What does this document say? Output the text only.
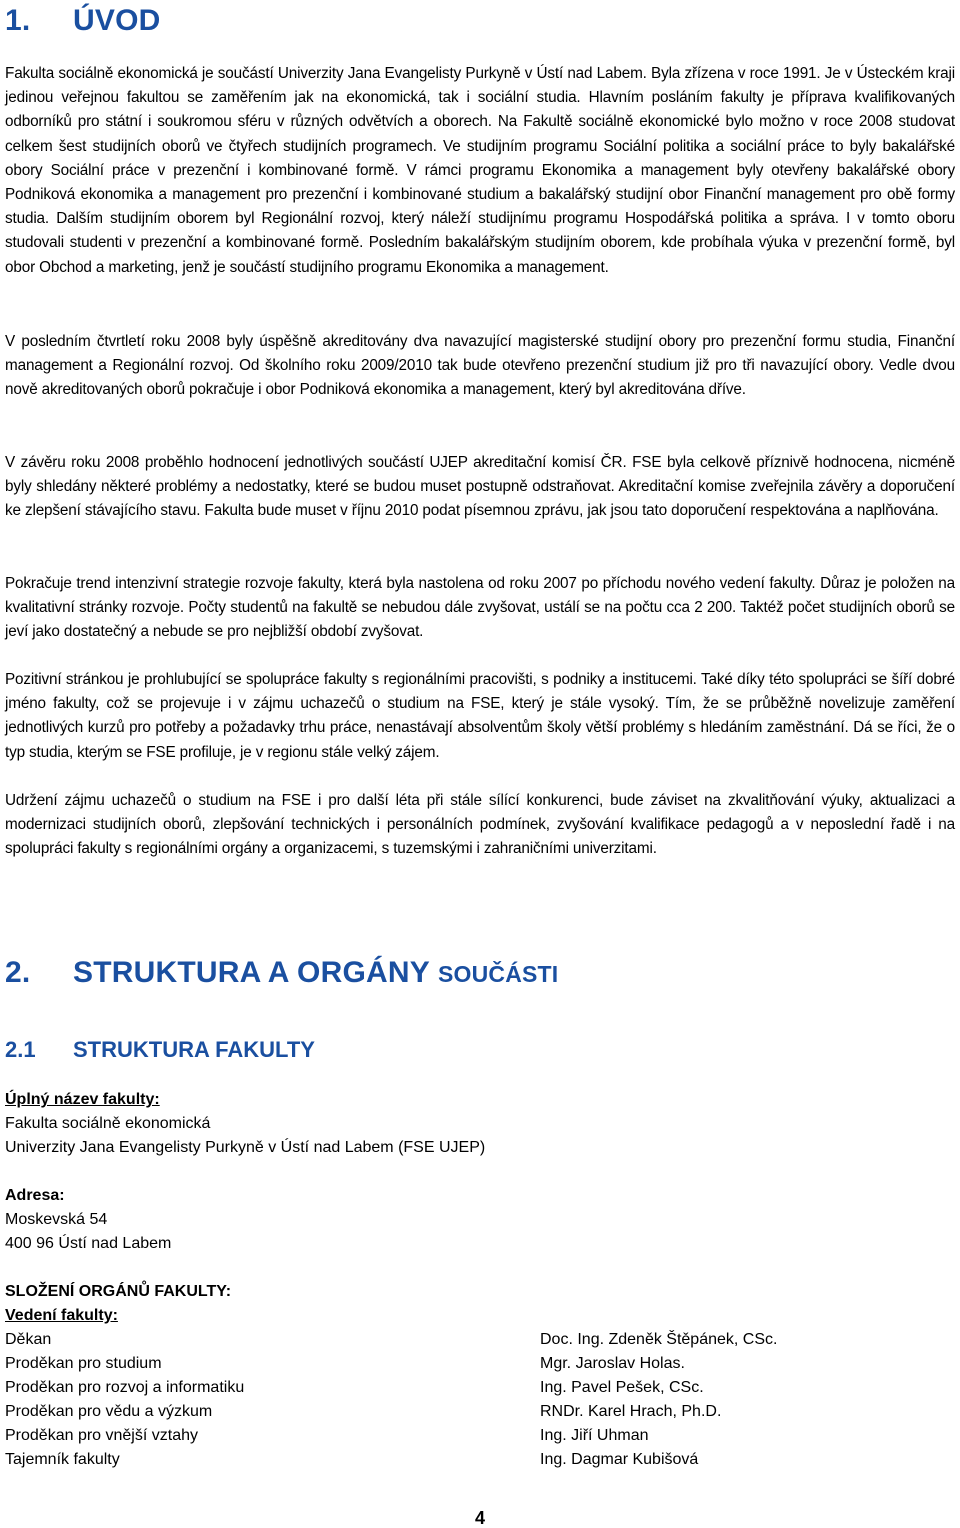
1. ÚVOD

Fakulta sociálně ekonomická je součástí Univerzity Jana Evangelisty Purkyně v Ústí nad Labem. Byla zřízena v roce 1991. Je v Ústeckém kraji jedinou veřejnou fakultou se zaměřením jak na ekonomická, tak i sociální studia. Hlavním posláním fakulty je příprava kvalifikovaných odborníků pro státní i soukromou sféru v různých odvětvích a oborech. Na Fakultě sociálně ekonomické bylo možno v roce 2008 studovat celkem šest studijních oborů ve čtyřech studijních programech. Ve studijním programu Sociální politika a sociální práce to byly bakalářské obory Sociální práce v prezenční i kombinované formě. V rámci programu Ekonomika a management byly otevřeny bakalářské obory Podniková ekonomika a management pro prezenční i kombinované studium a bakalářský studijní obor Finanční management pro obě formy studia. Dalším studijním oborem byl Regionální rozvoj, který náleží studijnímu programu Hospodářská politika a správa. I v tomto oboru studovali studenti v prezenční a kombinované formě. Posledním bakalářským studijním oborem, kde probíhala výuka v prezenční formě, byl obor Obchod a marketing, jenž je součástí studijního programu Ekonomika a management.

V posledním čtvrtletí roku 2008 byly úspěšně akreditovány dva navazující magisterské studijní obory pro prezenční formu studia, Finanční management a Regionální rozvoj. Od školního roku 2009/2010 tak bude otevřeno prezenční studium již pro tři navazující obory. Vedle dvou nově akreditovaných oborů pokračuje i obor Podniková ekonomika a management, který byl akreditována dříve.

V závěru roku 2008 proběhlo hodnocení jednotlivých součástí UJEP akreditační komisí ČR. FSE byla celkově příznivě hodnocena, nicméně byly shledány některé problémy a nedostatky, které se budou muset postupně odstraňovat. Akreditační komise zveřejnila závěry a doporučení ke zlepšení stávajícího stavu. Fakulta bude muset v říjnu 2010 podat písemnou zprávu, jak jsou tato doporučení respektována a naplňována.

Pokračuje trend intenzivní strategie rozvoje fakulty, která byla nastolena od roku 2007 po příchodu nového vedení fakulty. Důraz je položen na kvalitativní stránky rozvoje. Počty studentů na fakultě se nebudou dále zvyšovat, ustálí se na počtu cca 2 200. Taktéž počet studijních oborů se jeví jako dostatečný a nebude se pro nejbližší období zvyšovat.

Pozitivní stránkou je prohlubující se spolupráce fakulty s regionálními pracovišti, s podniky a institucemi. Také díky této spolupráci se šíří dobré jméno fakulty, což se projevuje i v zájmu uchazečů o studium na FSE, který je stále vysoký. Tím, že se průběžně novelizuje zaměření jednotlivých kurzů pro potřeby a požadavky trhu práce, nenastávají absolventům školy větší problémy s hledáním zaměstnání. Dá se říci, že o typ studia, kterým se FSE profiluje, je v regionu stále velký zájem.

Udržení zájmu uchazečů o studium na FSE i pro další léta při stále sílící konkurenci, bude záviset na zkvalitňování výuky, aktualizaci a modernizaci studijních oborů, zlepšování technických i personálních podmínek, zvyšování kvalifikace pedagogů a v neposlední řadě i na spolupráci fakulty s regionálními orgány a organizacemi, s tuzemskými i zahraničními univerzitami.

2. STRUKTURA A ORGÁNY SOUČÁSTI
2.1 STRUKTURA FAKULTY
Úplný název fakulty:
Fakulta sociálně ekonomická
Univerzity Jana Evangelisty Purkyně v Ústí nad Labem (FSE UJEP)
Adresa:
Moskevská 54
400 96 Ústí nad Labem
SLOŽENÍ ORGÁNŮ FAKULTY:
Vedení fakulty:
Děkan	Doc. Ing. Zdeněk Štěpánek, CSc.
Proděkan pro studium	Mgr. Jaroslav Holas.
Proděkan pro rozvoj a informatiku	Ing. Pavel Pešek, CSc.
Proděkan pro vědu a výzkum	RNDr. Karel Hrach, Ph.D.
Proděkan pro vnější vztahy	Ing. Jiří Uhman
Tajemník fakulty	Ing. Dagmar Kubišová
4
